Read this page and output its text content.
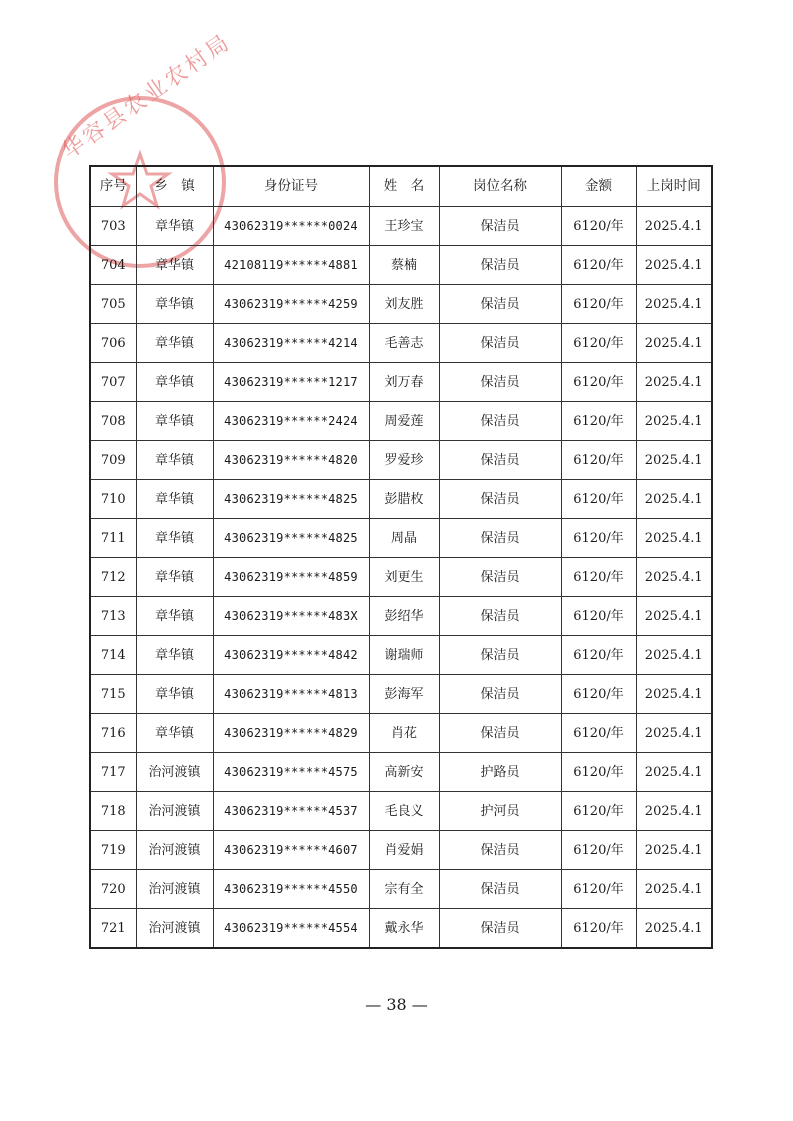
华容县农业农村局
序号	乡　镇	身份证号	姓　名	岗位名称	金额	上岗时间
703	章华镇	43062319******0024	王珍宝	保洁员	6120/年	2025.4.1
704	章华镇	42108119******4881	蔡楠	保洁员	6120/年	2025.4.1
705	章华镇	43062319******4259	刘友胜	保洁员	6120/年	2025.4.1
706	章华镇	43062319******4214	毛善志	保洁员	6120/年	2025.4.1
707	章华镇	43062319******1217	刘万春	保洁员	6120/年	2025.4.1
708	章华镇	43062319******2424	周爱莲	保洁员	6120/年	2025.4.1
709	章华镇	43062319******4820	罗爱珍	保洁员	6120/年	2025.4.1
710	章华镇	43062319******4825	彭腊枚	保洁员	6120/年	2025.4.1
711	章华镇	43062319******4825	周晶	保洁员	6120/年	2025.4.1
712	章华镇	43062319******4859	刘更生	保洁员	6120/年	2025.4.1
713	章华镇	43062319******483X	彭绍华	保洁员	6120/年	2025.4.1
714	章华镇	43062319******4842	谢瑞师	保洁员	6120/年	2025.4.1
715	章华镇	43062319******4813	彭海军	保洁员	6120/年	2025.4.1
716	章华镇	43062319******4829	肖花	保洁员	6120/年	2025.4.1
717	治河渡镇	43062319******4575	高新安	护路员	6120/年	2025.4.1
718	治河渡镇	43062319******4537	毛良义	护河员	6120/年	2025.4.1
719	治河渡镇	43062319******4607	肖爱娟	保洁员	6120/年	2025.4.1
720	治河渡镇	43062319******4550	宗有全	保洁员	6120/年	2025.4.1
721	治河渡镇	43062319******4554	戴永华	保洁员	6120/年	2025.4.1
— 38 —
